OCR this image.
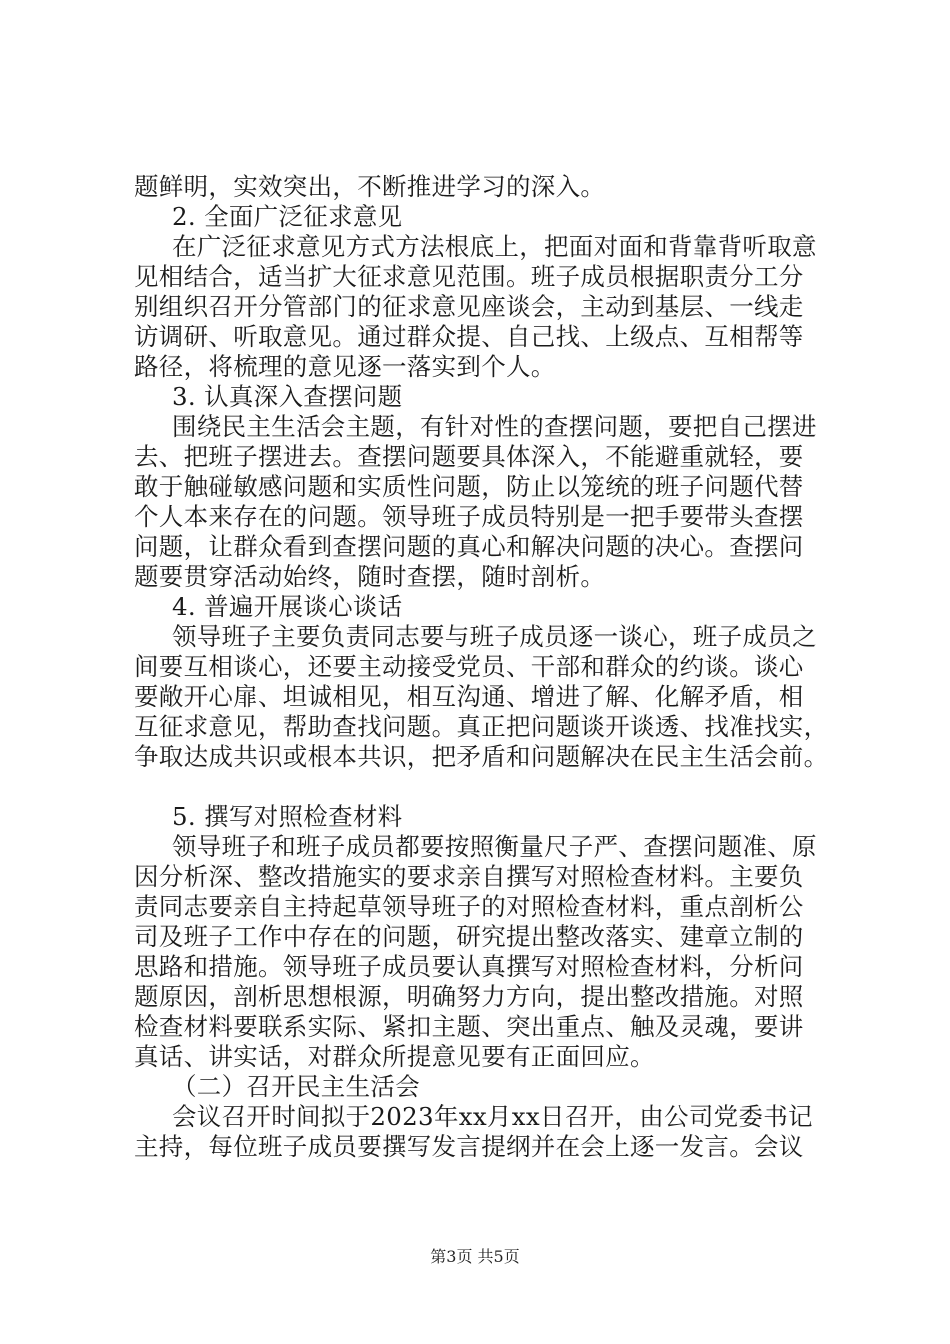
题鲜明，实效突出，不断推进学习的深入。
2. 全面广泛征求意见
在广泛征求意见方式方法根底上，把面对面和背靠背听取意
见相结合，适当扩大征求意见范围。班子成员根据职责分工分
别组织召开分管部门的征求意见座谈会，主动到基层、一线走
访调研、听取意见。通过群众提、自己找、上级点、互相帮等
路径，将梳理的意见逐一落实到个人。
3. 认真深入查摆问题
围绕民主生活会主题，有针对性的查摆问题，要把自己摆进
去、把班子摆进去。查摆问题要具体深入，不能避重就轻，要
敢于触碰敏感问题和实质性问题，防止以笼统的班子问题代替
个人本来存在的问题。领导班子成员特别是一把手要带头查摆
问题，让群众看到查摆问题的真心和解决问题的决心。查摆问
题要贯穿活动始终，随时查摆，随时剖析。
4. 普遍开展谈心谈话
领导班子主要负责同志要与班子成员逐一谈心，班子成员之
间要互相谈心，还要主动接受党员、干部和群众的约谈。谈心
要敞开心扉、坦诚相见，相互沟通、增进了解、化解矛盾，相
互征求意见，帮助查找问题。真正把问题谈开谈透、找准找实，
争取达成共识或根本共识，把矛盾和问题解决在民主生活会前。
5. 撰写对照检查材料
领导班子和班子成员都要按照衡量尺子严、查摆问题准、原
因分析深、整改措施实的要求亲自撰写对照检查材料。主要负
责同志要亲自主持起草领导班子的对照检查材料，重点剖析公
司及班子工作中存在的问题，研究提出整改落实、建章立制的
思路和措施。领导班子成员要认真撰写对照检查材料，分析问
题原因，剖析思想根源，明确努力方向，提出整改措施。对照
检查材料要联系实际、紧扣主题、突出重点、触及灵魂，要讲
真话、讲实话，对群众所提意见要有正面回应。
（二）召开民主生活会
会议召开时间拟于2023年xx月xx日召开，由公司党委书记
主持，每位班子成员要撰写发言提纲并在会上逐一发言。会议
第3页 共5页
